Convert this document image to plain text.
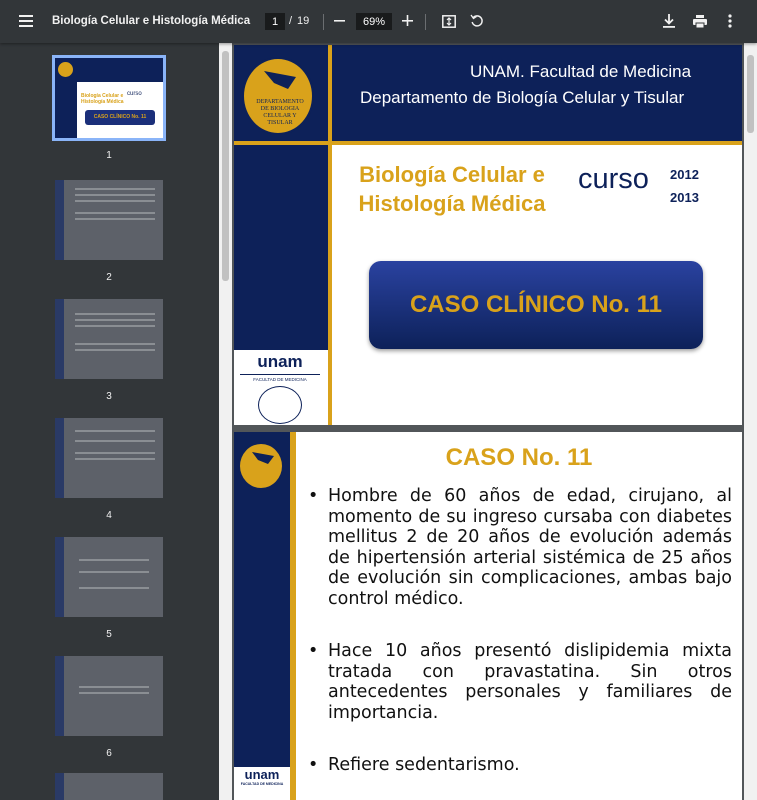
Biología Celular e Histología Médica	1 / 19	69%
Biología Celular e
Histología Médica
curso
CASO CLÍNICO No. 11
1
2
3
4
5
6
DEPARTAMENTO
DE BIOLOGIA
CELULAR Y
TISULAR
UNAM. Facultad de Medicina
Departamento de Biología Celular y Tisular
Biología Celular e
Histología Médica
curso 2012
2013
CASO CLÍNICO No. 11
unam
FACULTAD DE MEDICINA
unam
FACULTAD DE MEDICINA
CASO No. 11
• Hombre de 60 años de edad, cirujano, al momento de su ingreso cursaba con diabetes mellitus 2 de 20 años de evolución además de hipertensión arterial sistémica de 25 años de evolución sin complicaciones, ambas bajo control médico.
• Hace 10 años presentó dislipidemia mixta tratada con pravastatina. Sin otros antecedentes personales y familiares de importancia.
• Refiere sedentarismo.
